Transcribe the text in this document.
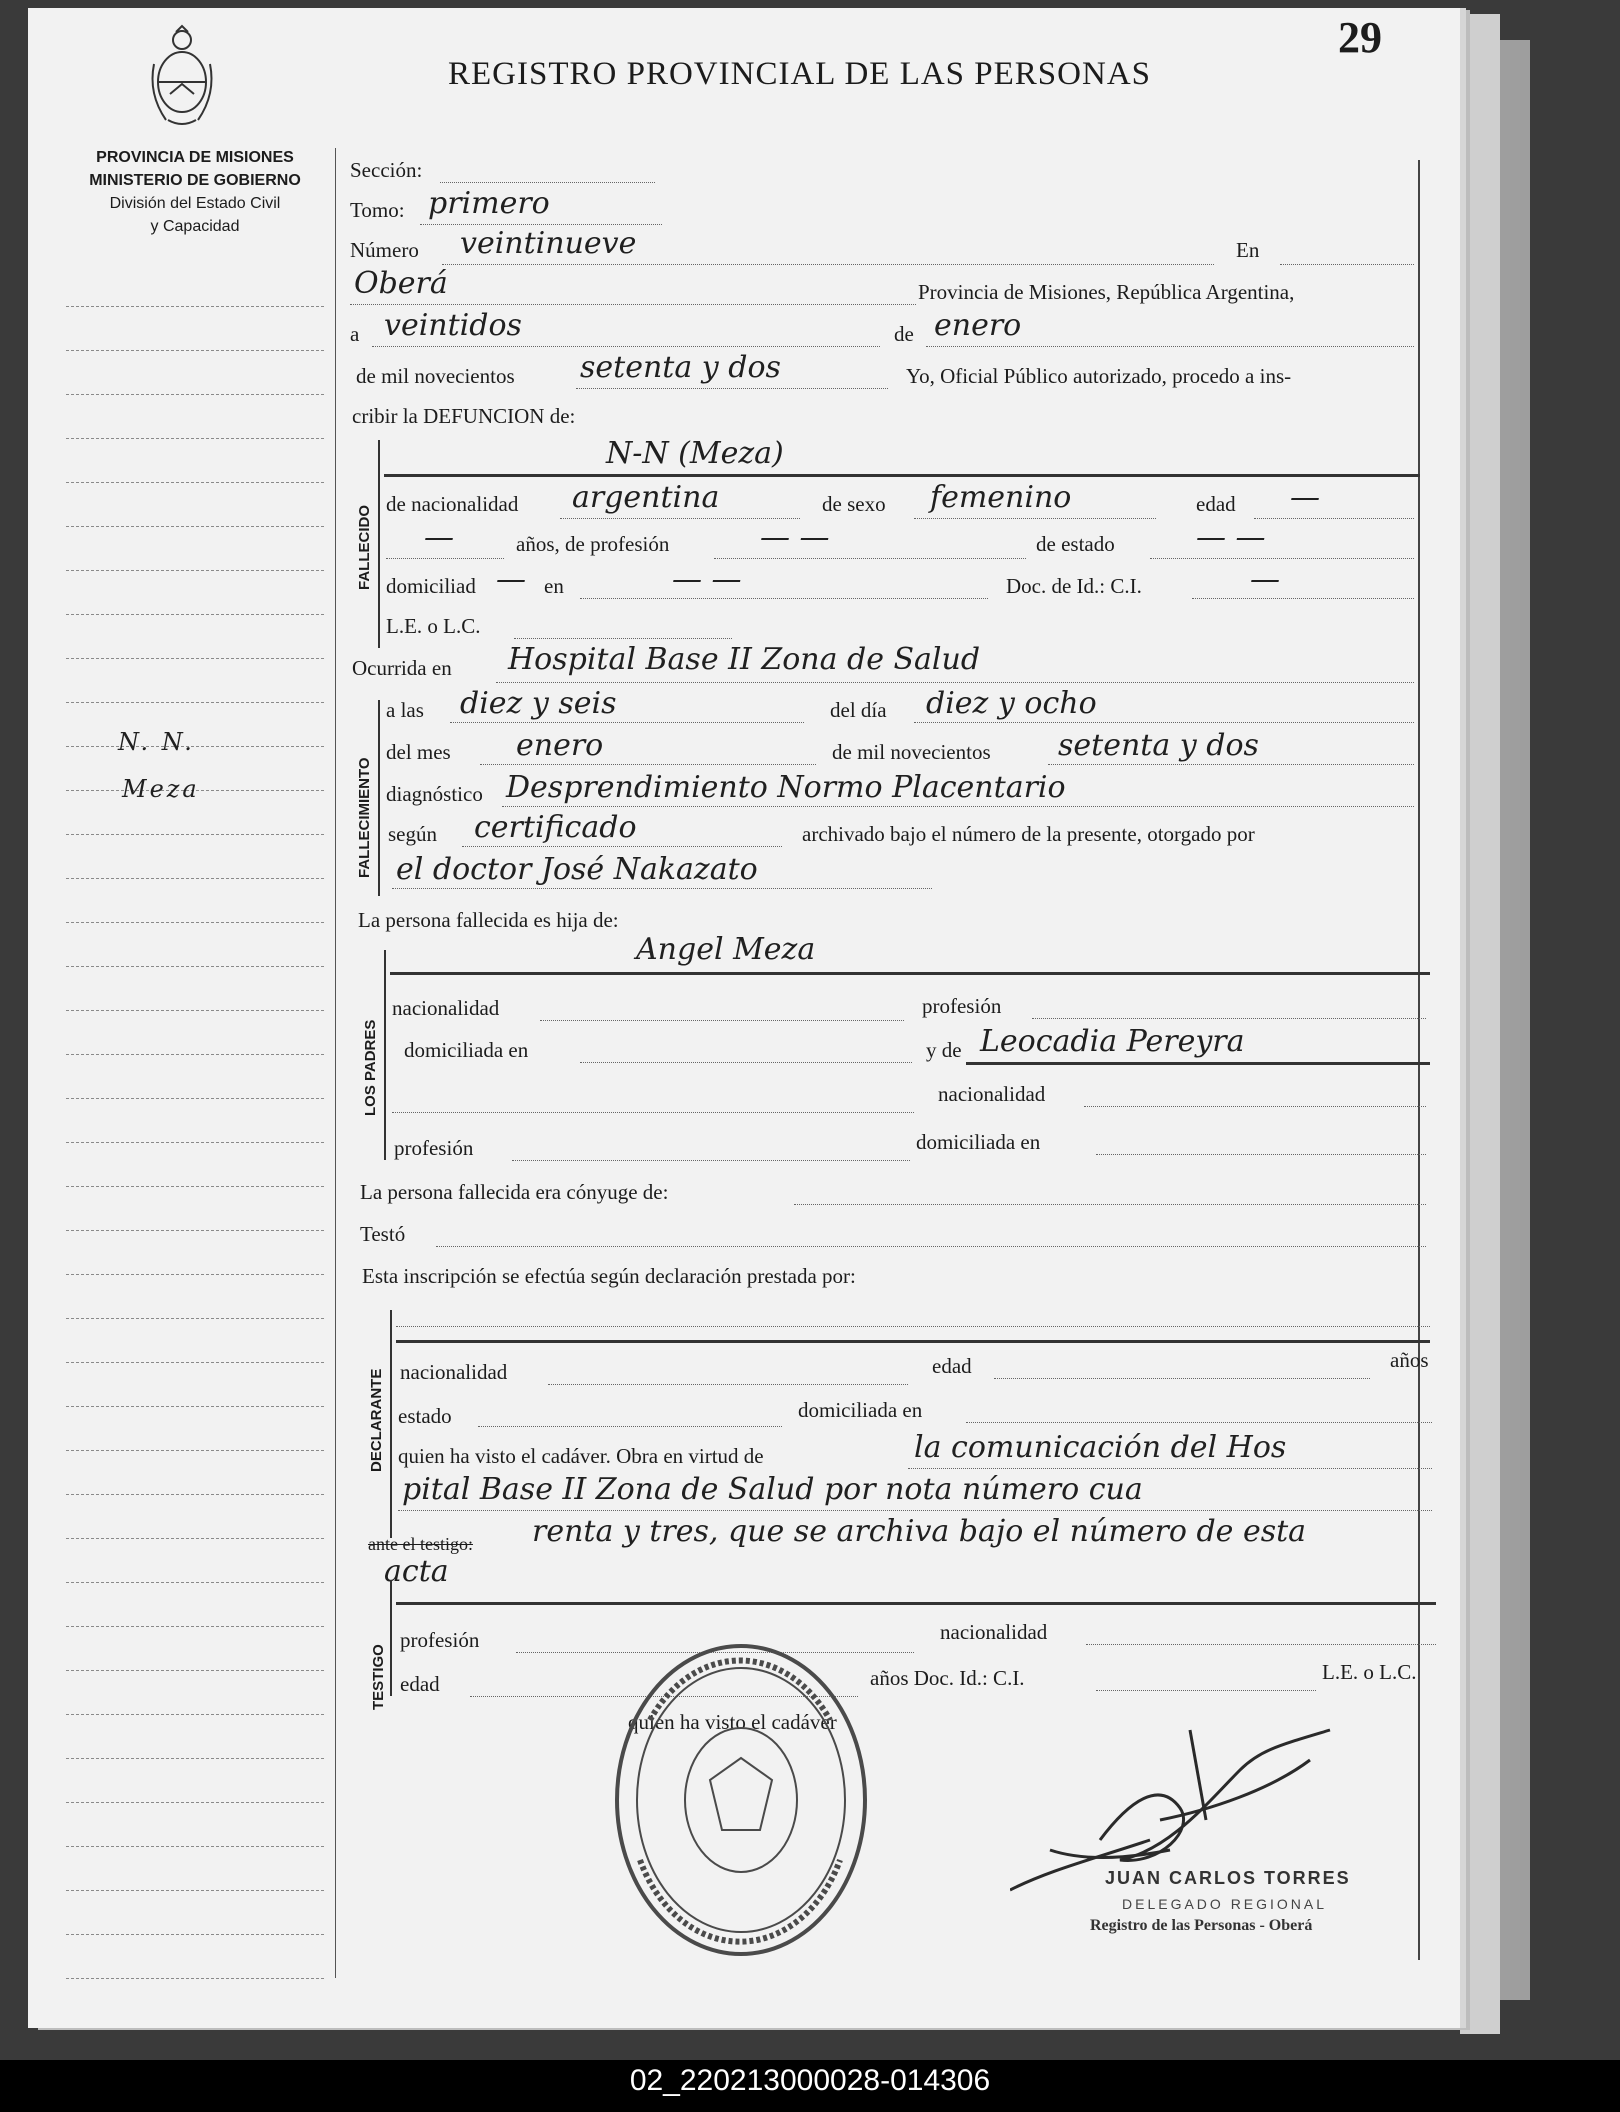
29
REGISTRO PROVINCIAL DE LAS PERSONAS
PROVINCIA DE MISIONES
MINISTERIO DE GOBIERNO
División del Estado Civil
y Capacidad
N. N.
Meza
Sección:
Tomo: primero
Número veintinueve	En
Oberá	Provincia de Misiones, República Argentina,
a veintidos	de enero
de mil novecientos setenta y dos	Yo, Oficial Público autorizado, procedo a ins-
cribir la DEFUNCION de:
FALLECIDO
N-N (Meza)
de nacionalidad argentina	de sexo femenino	edad —
—	años, de profesión	— —	de estado	— —
domiciliad — en	— —	Doc. de Id.: C.I.	—
L.E. o L.C.
Ocurrida en Hospital Base II Zona de Salud
FALLECIMIENTO
a las diez y seis	del día diez y ocho
del mes enero	de mil novecientos setenta y dos
diagnóstico Desprendimiento Normo Placentario
según certificado	archivado bajo el número de la presente, otorgado por
el doctor José Nakazato
La persona fallecida es hija de:
LOS PADRES
Angel Meza
nacionalidad	profesión
domiciliada en	y de Leocadia Pereyra
nacionalidad
profesión	domiciliada en
La persona fallecida era cónyuge de:
Testó
Esta inscripción se efectúa según declaración prestada por:
DECLARANTE nacionalidad	edad	años
estado	domiciliada en
quien ha visto el cadáver. Obra en virtud de	la comunicación del Hos
pital Base II Zona de Salud por nota número cua
ante el testigo: renta y tres, que se archiva bajo el número de esta
acta
TESTIGO
profesión	nacionalidad
edad	años Doc. Id.: C.I.	L.E. o L.C.
quien ha visto el cadáver
JUAN CARLOS TORRES
DELEGADO REGIONAL
Registro de las Personas - Oberá
02_220213000028-014306
